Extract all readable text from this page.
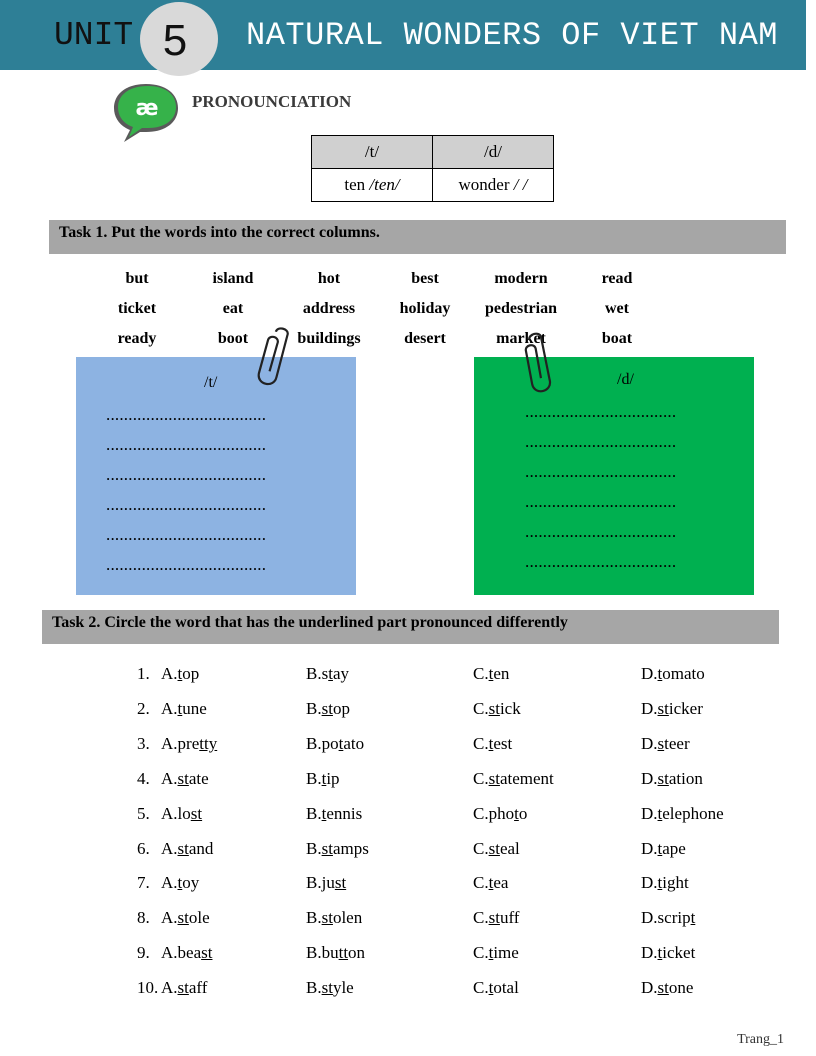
UNIT 5	NATURAL WONDERS OF VIET NAM
æ PRONOUNCIATION
/t/	/d/
ten /ten/	wonder / /
Task 1. Put the words into the correct columns.
but	island	hot	best	modern	read
ticket	eat	address	holiday	pedestrian	wet
ready	boot	buildings	desert	market	boat
/t/	/d/
....................................
....................................
....................................
....................................
....................................
....................................
..................................
..................................
..................................
..................................
..................................
..................................
Task 2. Circle the word that has the underlined part pronounced differently
1. A.top	B.stay	C.ten	D.tomato
2. A.tune	B.stop	C.stick	D.sticker
3. A.pretty	B.potato	C.test	D.steer
4. A.state	B.tip	C.statement	D.station
5. A.lost	B.tennis	C.photo	D.telephone
6. A.stand	B.stamps	C.steal	D.tape
7. A.toy	B.just	C.tea	D.tight
8. A.stole	B.stolen	C.stuff	D.script
9. A.beast	B.button	C.time	D.ticket
10. A.staff	B.style	C.total	D.stone
Trang_1
